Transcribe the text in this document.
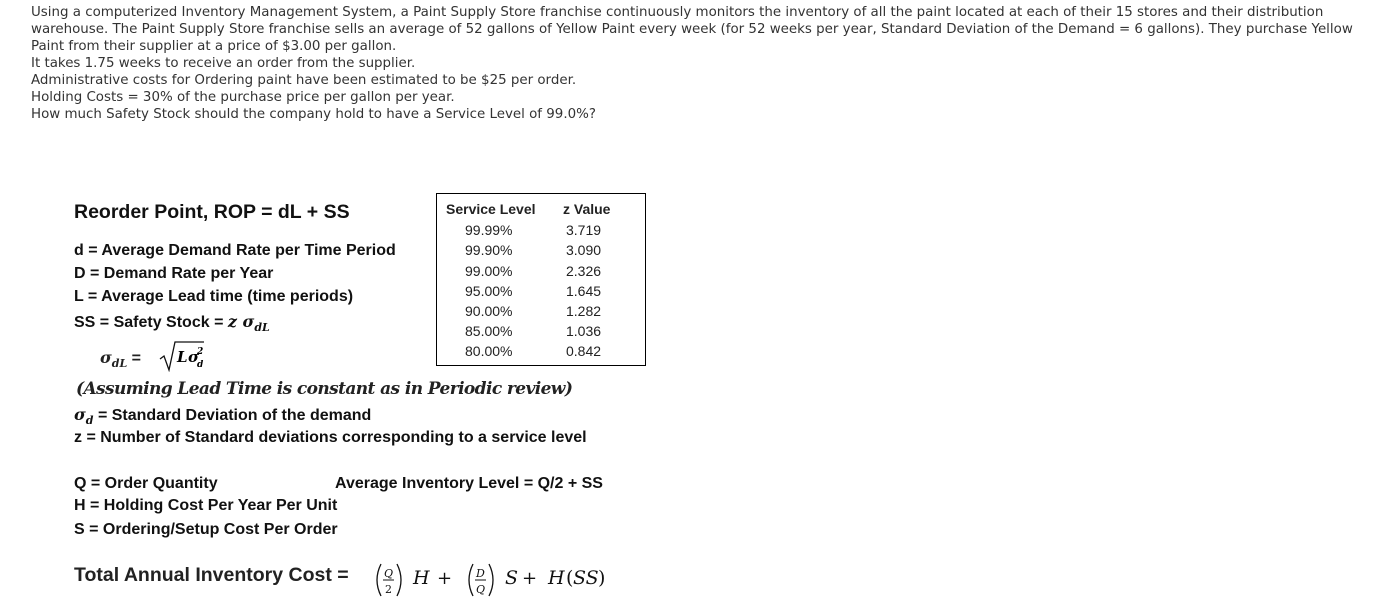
Using a computerized Inventory Management System, a Paint Supply Store franchise continuously monitors the inventory of all the paint located at each of their 15 stores and their distribution warehouse. The Paint Supply Store franchise sells an average of 52 gallons of Yellow Paint every week (for 52 weeks per year, Standard Deviation of the Demand = 6 gallons). They purchase Yellow Paint from their supplier at a price of $3.00 per gallon.

It takes 1.75 weeks to receive an order from the supplier.

Administrative costs for Ordering paint have been estimated to be $25 per order.

Holding Costs = 30% of the purchase price per gallon per year.

How much Safety Stock should the company hold to have a Service Level of 99.0%?

Reorder Point, ROP = dL + SS
d = Average Demand Rate per Time Period
D = Demand Rate per Year
L = Average Lead time (time periods)
SS = Safety Stock = z $\sigma_{dL}$
$\sigma_{dL} = L$ σ
2
d
(Assuming Lead Time is constant as in Periodic review)
$\sigma_d$ = Standard Deviation of the demand
z = Number of Standard deviations corresponding to a service level
Q = Order Quantity	Average Inventory Level = Q/2 + SS
H = Holding Cost Per Year Per Unit
S = Ordering/Setup Cost Per Order
Service Level z Value
99.99%	3.719
99.90%	3.090
99.00%	2.326
95.00%	1.645
90.00%	1.282
85.00%	1.036
80.00%	0.842
Total Annual Inventory Cost =	Q
2
H + D
Q
S + H ( SS )
